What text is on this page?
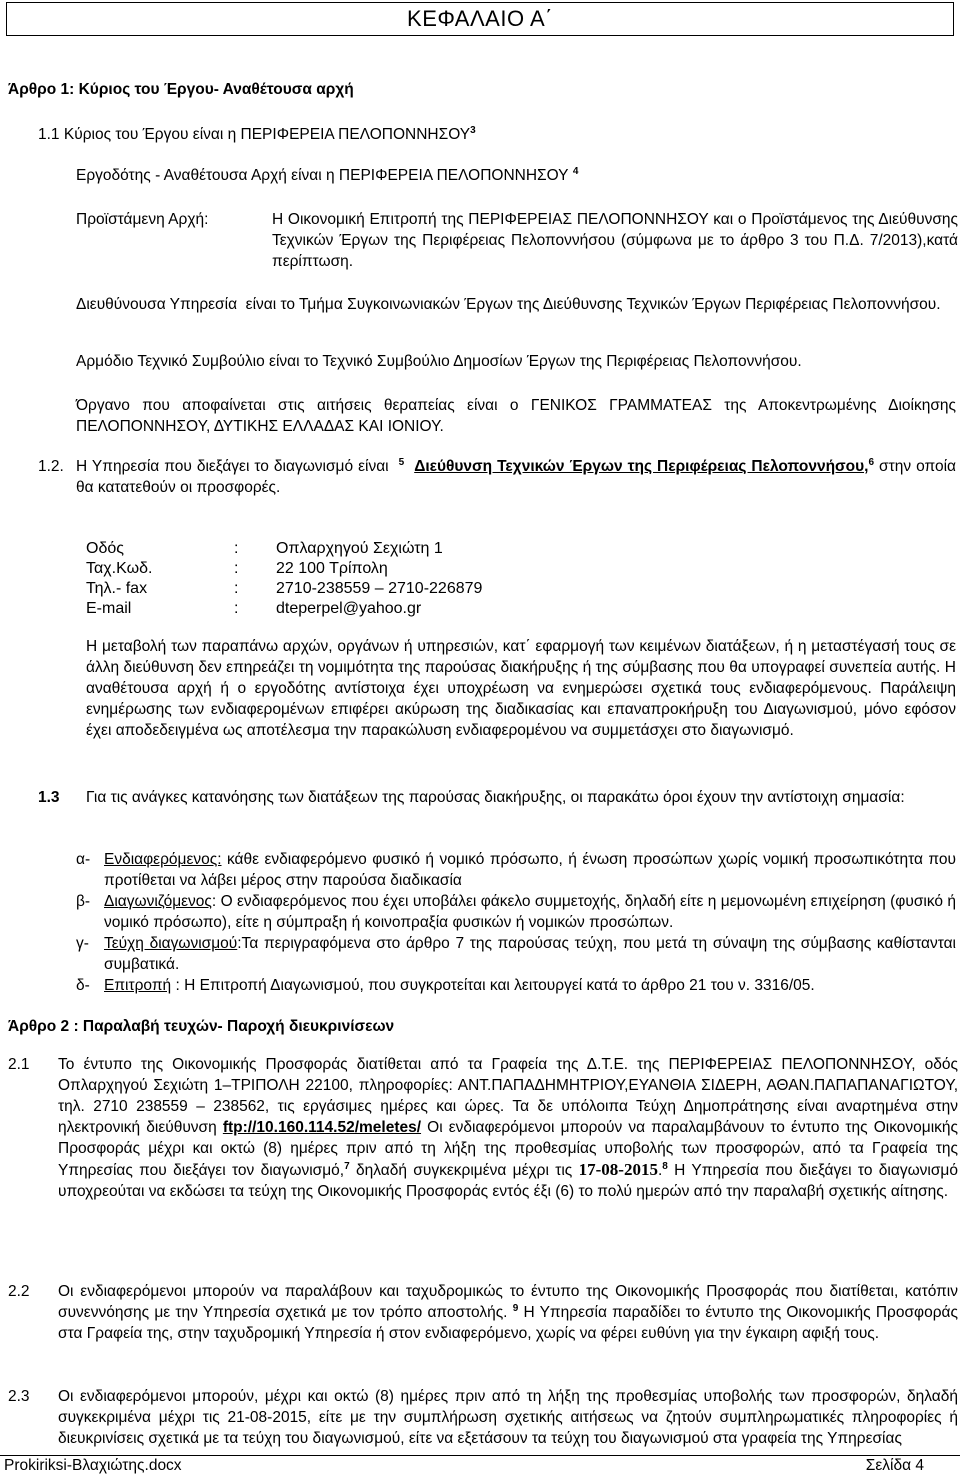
ΚΕΦΑΛΑΙΟ Α΄
Άρθρο 1: Κύριος του Έργου- Αναθέτουσα αρχή
1.1 Κύριος του Έργου είναι η ΠΕΡΙΦΕΡΕΙΑ ΠΕΛΟΠΟΝΝΗΣΟΥ$^3$
Εργοδότης - Αναθέτουσα Αρχή είναι η ΠΕΡΙΦΕΡΕΙΑ ΠΕΛΟΠΟΝΝΗΣΟΥ $^4$
Προϊστάμενη Αρχή:	Η Οικονομική Επιτροπή της ΠΕΡΙΦΕΡΕΙΑΣ ΠΕΛΟΠΟΝΝΗΣΟΥ και ο Προϊστάμενος της Διεύθυνσης Τεχνικών Έργων της Περιφέρειας Πελοποννήσου (σύμφωνα με το άρθρο 3 του Π.Δ. 7/2013),κατά περίπτωση.
Διευθύνουσα Υπηρεσία είναι το Τμήμα Συγκοινωνιακών Έργων της Διεύθυνσης Τεχνικών Έργων Περιφέρειας Πελοποννήσου.
Αρμόδιο Τεχνικό Συμβούλιο είναι το Τεχνικό Συμβούλιο Δημοσίων Έργων της Περιφέρειας Πελοποννήσου.
Όργανο που αποφαίνεται στις αιτήσεις θεραπείας είναι ο ΓΕΝΙΚΟΣ ΓΡΑΜΜΑΤΕΑΣ της Αποκεντρωμένης Διοίκησης ΠΕΛΟΠΟΝΝΗΣΟΥ, ΔΥΤΙΚΗΣ ΕΛΛΑΔΑΣ ΚΑΙ ΙΟΝΙΟΥ.
1.2. Η Υπηρεσία που διεξάγει το διαγωνισμό είναι $^5$ Διεύθυνση Τεχνικών Έργων της Περιφέρειας Πελοποννήσου,$^6$ στην οποία θα κατατεθούν οι προσφορές.
Οδός	: Οπλαρχηγού Σεχιώτη 1
Ταχ.Κωδ.	: 22 100 Τρίπολη
Τηλ.- fax	: 2710-238559 – 2710-226879
E-mail	: dteperpel@yahoo.gr
Η μεταβολή των παραπάνω αρχών, οργάνων ή υπηρεσιών, κατ΄ εφαρμογή των κειμένων διατάξεων, ή η μεταστέγασή τους σε άλλη διεύθυνση δεν επηρεάζει τη νομιμότητα της παρούσας διακήρυξης ή της σύμβασης που θα υπογραφεί συνεπεία αυτής. Η αναθέτουσα αρχή ή ο εργοδότης αντίστοιχα έχει υποχρέωση να ενημερώσει σχετικά τους ενδιαφερόμενους. Παράλειψη ενημέρωσης των ενδιαφερομένων επιφέρει ακύρωση της διαδικασίας και επαναπροκήρυξη του Διαγωνισμού, μόνο εφόσον έχει αποδεδειγμένα ως αποτέλεσμα την παρακώλυση ενδιαφερομένου να συμμετάσχει στο διαγωνισμό.
1.3 Για τις ανάγκες κατανόησης των διατάξεων της παρούσας διακήρυξης, οι παρακάτω όροι έχουν την αντίστοιχη σημασία:
α- Ενδιαφερόμενος: κάθε ενδιαφερόμενο φυσικό ή νομικό πρόσωπο, ή ένωση προσώπων χωρίς νομική προσωπικότητα που προτίθεται να λάβει μέρος στην παρούσα διαδικασία
β- Διαγωνιζόμενος: Ο ενδιαφερόμενος που έχει υποβάλει φάκελο συμμετοχής, δηλαδή είτε η μεμονωμένη επιχείρηση (φυσικό ή νομικό πρόσωπο), είτε η σύμπραξη ή κοινοπραξία φυσικών ή νομικών προσώπων.
γ- Τεύχη διαγωνισμού:Τα περιγραφόμενα στο άρθρο 7 της παρούσας τεύχη, που μετά τη σύναψη της σύμβασης καθίστανται συμβατικά.
δ- Επιτροπή : Η Επιτροπή Διαγωνισμού, που συγκροτείται και λειτουργεί κατά το άρθρο 21 του ν. 3316/05.
Άρθρο 2 : Παραλαβή τευχών- Παροχή διευκρινίσεων
2.1 Το έντυπο της Οικονομικής Προσφοράς διατίθεται από τα Γραφεία της Δ.Τ.Ε. της ΠΕΡΙΦΕΡΕΙΑΣ ΠΕΛΟΠΟΝΝΗΣΟΥ, οδός Οπλαρχηγού Σεχιώτη 1–ΤΡΙΠΟΛΗ 22100, πληροφορίες: ΑΝΤ.ΠΑΠΑΔΗΜΗΤΡΙΟΥ,ΕΥΑΝΘΙΑ ΣΙΔΕΡΗ, ΑΘΑΝ.ΠΑΠΑΠΑΝΑΓΙΩΤΟΥ, τηλ. 2710 238559 – 238562, τις εργάσιμες ημέρες και ώρες. Τα δε υπόλοιπα Τεύχη Δημοπράτησης είναι αναρτημένα στην ηλεκτρονική διεύθυνση ftp://10.160.114.52/meletes/ Οι ενδιαφερόμενοι μπορούν να παραλαμβάνουν το έντυπο της Οικονομικής Προσφοράς μέχρι και οκτώ (8) ημέρες πριν από τη λήξη της προθεσμίας υποβολής των προσφορών, από τα Γραφεία της Υπηρεσίας που διεξάγει τον διαγωνισμό,$^7$ δηλαδή συγκεκριμένα μέχρι τις 17-08-2015.$^8$ Η Υπηρεσία που διεξάγει το διαγωνισμό υποχρεούται να εκδώσει τα τεύχη της Οικονομικής Προσφοράς εντός έξι (6) το πολύ ημερών από την παραλαβή σχετικής αίτησης.
2.2 Οι ενδιαφερόμενοι μπορούν να παραλάβουν και ταχυδρομικώς το έντυπο της Οικονομικής Προσφοράς που διατίθεται, κατόπιν συνεννόησης με την Υπηρεσία σχετικά με τον τρόπο αποστολής. $^9$ Η Υπηρεσία παραδίδει το έντυπο της Οικονομικής Προσφοράς στα Γραφεία της, στην ταχυδρομική Υπηρεσία ή στον ενδιαφερόμενο, χωρίς να φέρει ευθύνη για την έγκαιρη αφιξή τους.
2.3 Οι ενδιαφερόμενοι μπορούν, μέχρι και οκτώ (8) ημέρες πριν από τη λήξη της προθεσμίας υποβολής των προσφορών, δηλαδή συγκεκριμένα μέχρι τις 21-08-2015, είτε με την συμπλήρωση σχετικής αιτήσεως να ζητούν συμπληρωματικές πληροφορίες ή διευκρινίσεις σχετικά με τα τεύχη του διαγωνισμού, είτε να εξετάσουν τα τεύχη του διαγωνισμού στα γραφεία της Υπηρεσίας
Prokiriksi-Βλαχιώτης.docx	Σελίδα 4
